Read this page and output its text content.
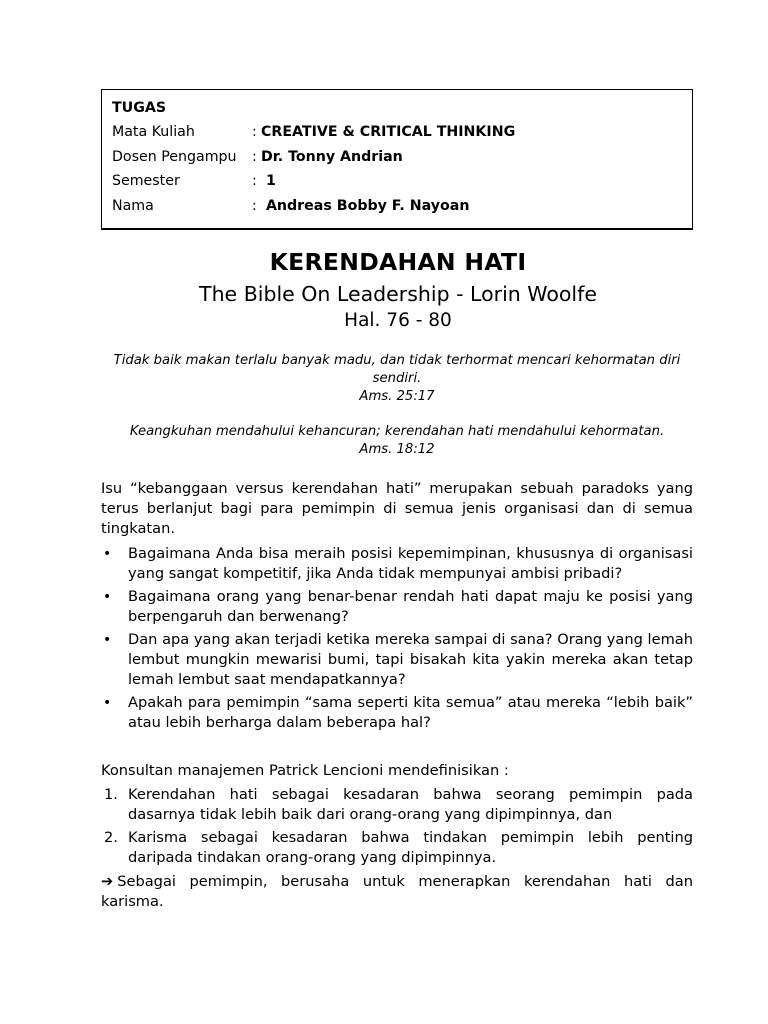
TUGAS
Mata Kuliah	: CREATIVE & CRITICAL THINKING
Dosen Pengampu	: Dr. Tonny Andrian
Semester	: 1
Nama	: Andreas Bobby F. Nayoan
KERENDAHAN HATI
The Bible On Leadership - Lorin Woolfe
Hal. 76 - 80
Tidak baik makan terlalu banyak madu, dan tidak terhormat mencari kehormatan diri sendiri.
Ams. 25:17
Keangkuhan mendahului kehancuran; kerendahan hati mendahului kehormatan.
Ams. 18:12
Isu “kebanggaan versus kerendahan hati” merupakan sebuah paradoks yang terus berlanjut bagi para pemimpin di semua jenis organisasi dan di semua tingkatan.
• Bagaimana Anda bisa meraih posisi kepemimpinan, khususnya di organisasi yang sangat kompetitif, jika Anda tidak mempunyai ambisi pribadi?
• Bagaimana orang yang benar-benar rendah hati dapat maju ke posisi yang berpengaruh dan berwenang?
• Dan apa yang akan terjadi ketika mereka sampai di sana? Orang yang lemah lembut mungkin mewarisi bumi, tapi bisakah kita yakin mereka akan tetap lemah lembut saat mendapatkannya?
• Apakah para pemimpin “sama seperti kita semua” atau mereka “lebih baik” atau lebih berharga dalam beberapa hal?
Konsultan manajemen Patrick Lencioni mendefinisikan :
1. Kerendahan hati sebagai kesadaran bahwa seorang pemimpin pada dasarnya tidak lebih baik dari orang-orang yang dipimpinnya, dan
2. Karisma sebagai kesadaran bahwa tindakan pemimpin lebih penting daripada tindakan orang-orang yang dipimpinnya.
➔ Sebagai pemimpin, berusaha untuk menerapkan kerendahan hati dan karisma.
